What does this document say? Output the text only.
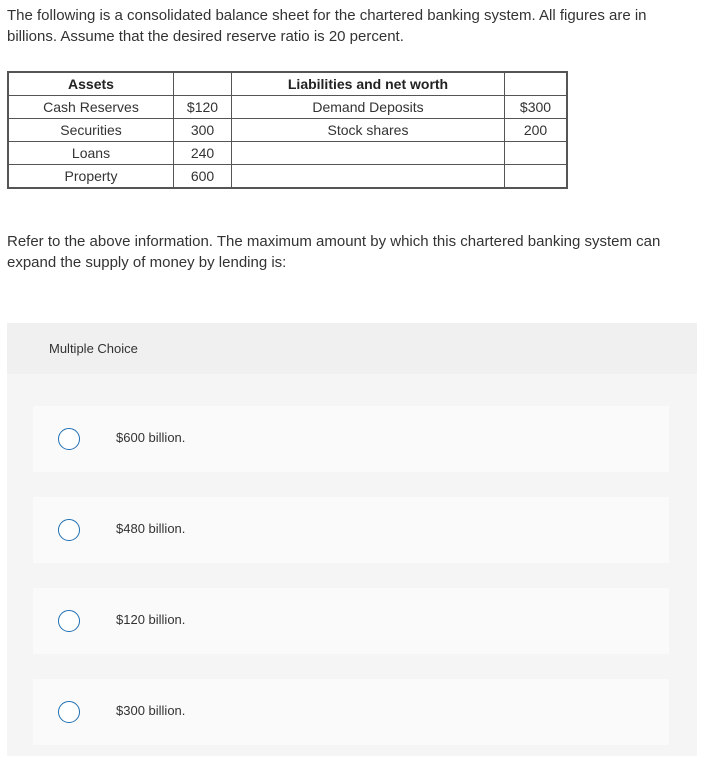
The following is a consolidated balance sheet for the chartered banking system. All figures are in billions. Assume that the desired reserve ratio is 20 percent.

Assets		Liabilities and net worth	
Cash Reserves	$120	Demand Deposits	$300
Securities	300	Stock shares	200
Loans	240		
Property	600		

Refer to the above information. The maximum amount by which this chartered banking system can expand the supply of money by lending is:

Multiple Choice
$600 billion.
$480 billion.
$120 billion.
$300 billion.
